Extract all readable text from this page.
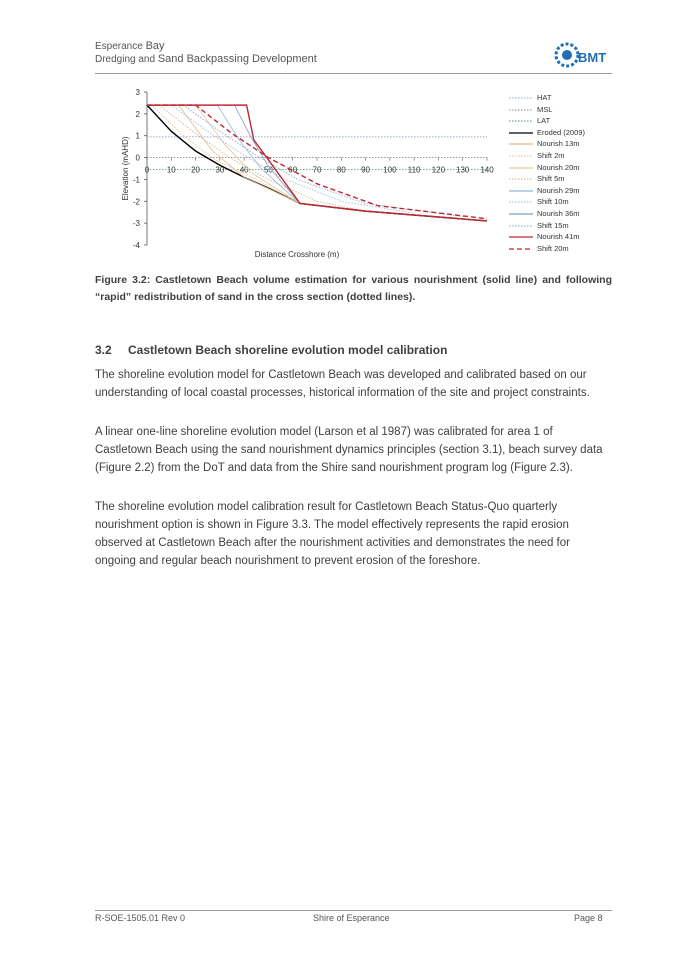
Esperance Bay
Dredging and Sand Backpassing Development	BMT
3
2
1
0
-1
-2
-3
-4
0 10 20 30 40 50 60 70 80 90 100 110 120 130 140
Distance Crosshore (m)
Elevation (mAHD)
HAT
MSL
LAT
Eroded (2009)
Nourish 13m
Shift 2m
Nourish 20m
Shift 5m
Nourish 29m
Shift 10m
Nourish 36m
Shift 15m
Nourish 41m
Shift 20m
Figure 3.2: Castletown Beach volume estimation for various nourishment (solid line) and following “rapid” redistribution of sand in the cross section (dotted lines).
3.2 Castletown Beach shoreline evolution model calibration
The shoreline evolution model for Castletown Beach was developed and calibrated based on our understanding of local coastal processes, historical information of the site and project constraints.
A linear one-line shoreline evolution model (Larson et al 1987) was calibrated for area 1 of Castletown Beach using the sand nourishment dynamics principles (section 3.1), beach survey data (Figure 2.2) from the DoT and data from the Shire sand nourishment program log (Figure 2.3).
The shoreline evolution model calibration result for Castletown Beach Status-Quo quarterly nourishment option is shown in Figure 3.3. The model effectively represents the rapid erosion observed at Castletown Beach after the nourishment activities and demonstrates the need for ongoing and regular beach nourishment to prevent erosion of the foreshore.
R-SOE-1505.01 Rev 0	Shire of Esperance	Page 8
